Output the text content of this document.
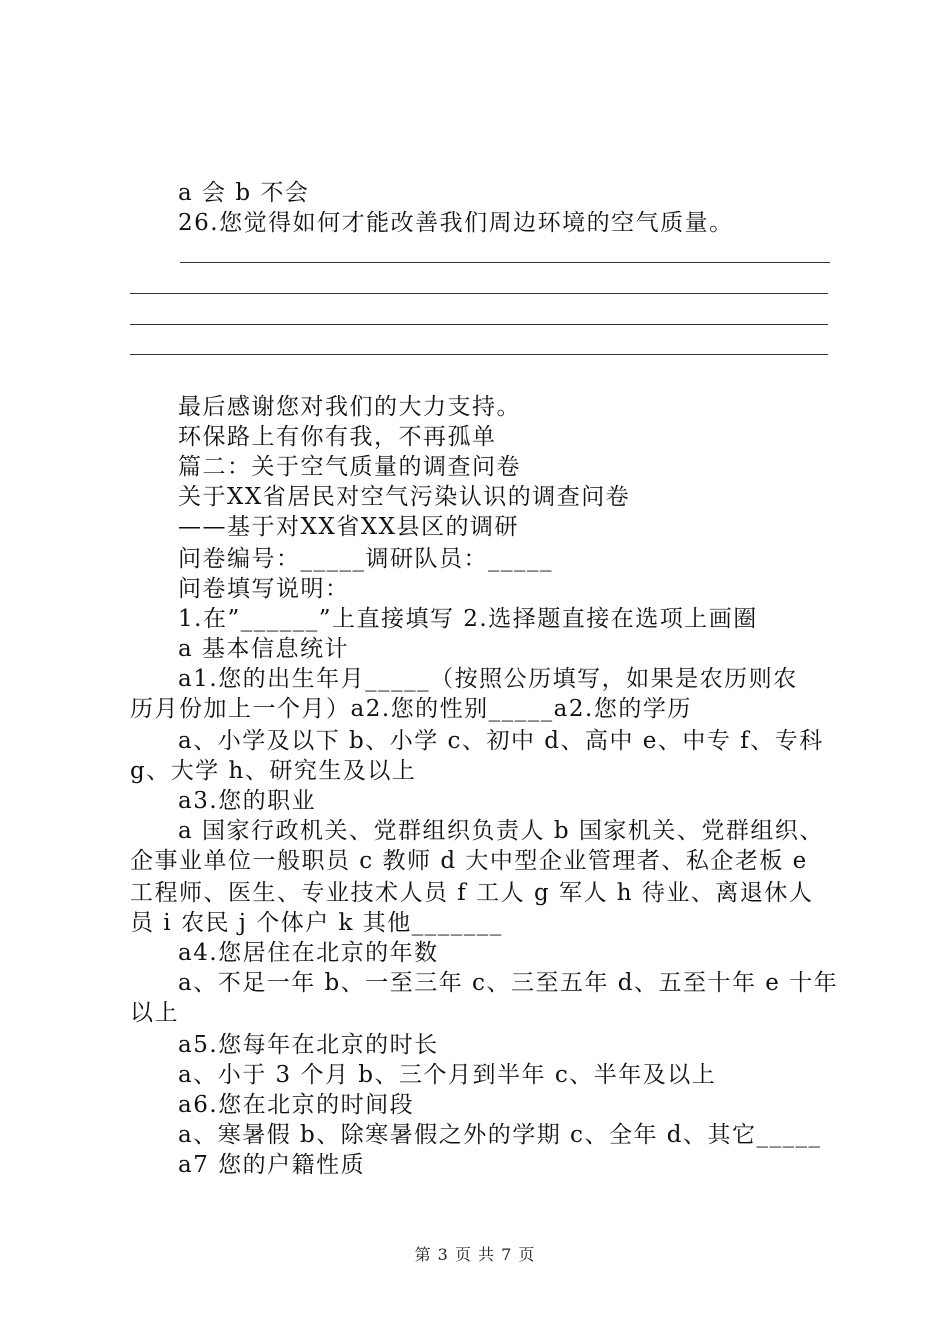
a 会 b 不会
26.您觉得如何才能改善我们周边环境的空气质量。
最后感谢您对我们的大力支持。
环保路上有你有我，不再孤单
篇二：关于空气质量的调查问卷
关于XX省居民对空气污染认识的调查问卷
——基于对XX省XX县区的调研
问卷编号：_____调研队员：_____
问卷填写说明：
1.在”______”上直接填写 2.选择题直接在选项上画圈
a 基本信息统计
a1.您的出生年月_____（按照公历填写，如果是农历则农
历月份加上一个月）a2.您的性别_____a2.您的学历
a、小学及以下 b、小学 c、初中 d、高中 e、中专 f、专科
g、大学 h、研究生及以上
a3.您的职业
a 国家行政机关、党群组织负责人 b 国家机关、党群组织、
企事业单位一般职员 c 教师 d 大中型企业管理者、私企老板 e
工程师、医生、专业技术人员 f 工人 g 军人 h 待业、离退休人
员 i 农民 j 个体户 k 其他_______
a4.您居住在北京的年数
a、不足一年 b、一至三年 c、三至五年 d、五至十年 e 十年
以上
a5.您每年在北京的时长
a、小于 3 个月 b、三个月到半年 c、半年及以上
a6.您在北京的时间段
a、寒暑假 b、除寒暑假之外的学期 c、全年 d、其它_____
a7 您的户籍性质
第 3 页 共 7 页
